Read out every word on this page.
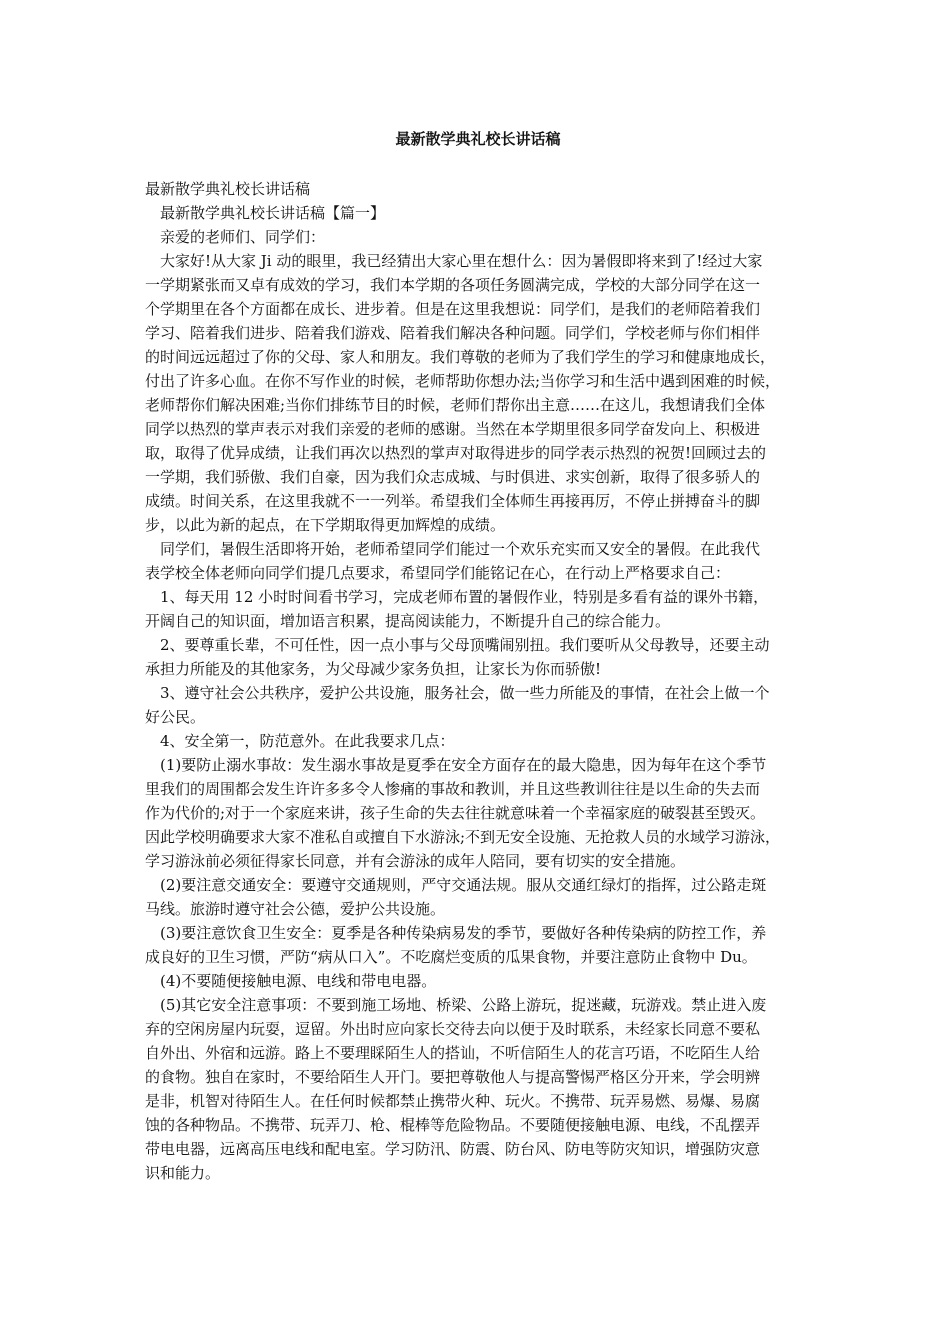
最新散学典礼校长讲话稿
最新散学典礼校长讲话稿
最新散学典礼校长讲话稿【篇一】
亲爱的老师们、同学们：
大家好!从大家 Ji 动的眼里，我已经猜出大家心里在想什么：因为暑假即将来到了!经过大家
一学期紧张而又卓有成效的学习，我们本学期的各项任务圆满完成，学校的大部分同学在这一
个学期里在各个方面都在成长、进步着。但是在这里我想说：同学们，是我们的老师陪着我们
学习、陪着我们进步、陪着我们游戏、陪着我们解决各种问题。同学们，学校老师与你们相伴
的时间远远超过了你的父母、家人和朋友。我们尊敬的老师为了我们学生的学习和健康地成长，
付出了许多心血。在你不写作业的时候，老师帮助你想办法;当你学习和生活中遇到困难的时候，
老师帮你们解决困难;当你们排练节目的时候，老师们帮你出主意……在这儿，我想请我们全体
同学以热烈的掌声表示对我们亲爱的老师的感谢。当然在本学期里很多同学奋发向上、积极进
取，取得了优异成绩，让我们再次以热烈的掌声对取得进步的同学表示热烈的祝贺!回顾过去的
一学期，我们骄傲、我们自豪，因为我们众志成城、与时俱进、求实创新，取得了很多骄人的
成绩。时间关系，在这里我就不一一列举。希望我们全体师生再接再厉，不停止拼搏奋斗的脚
步，以此为新的起点，在下学期取得更加辉煌的成绩。
同学们，暑假生活即将开始，老师希望同学们能过一个欢乐充实而又安全的暑假。在此我代
表学校全体老师向同学们提几点要求，希望同学们能铭记在心，在行动上严格要求自己：
1、每天用 12 小时时间看书学习，完成老师布置的暑假作业，特别是多看有益的课外书籍，
开阔自己的知识面，增加语言积累，提高阅读能力，不断提升自己的综合能力。
2、要尊重长辈，不可任性，因一点小事与父母顶嘴闹别扭。我们要听从父母教导，还要主动
承担力所能及的其他家务，为父母减少家务负担，让家长为你而骄傲!
3、遵守社会公共秩序，爱护公共设施，服务社会，做一些力所能及的事情，在社会上做一个
好公民。
4、安全第一，防范意外。在此我要求几点：
(1)要防止溺水事故：发生溺水事故是夏季在安全方面存在的最大隐患，因为每年在这个季节
里我们的周围都会发生许许多多令人惨痛的事故和教训，并且这些教训往往是以生命的失去而
作为代价的;对于一个家庭来讲，孩子生命的失去往往就意味着一个幸福家庭的破裂甚至毁灭。
因此学校明确要求大家不准私自或擅自下水游泳;不到无安全设施、无抢救人员的水域学习游泳，
学习游泳前必须征得家长同意，并有会游泳的成年人陪同，要有切实的安全措施。
(2)要注意交通安全：要遵守交通规则，严守交通法规。服从交通红绿灯的指挥，过公路走斑
马线。旅游时遵守社会公德，爱护公共设施。
(3)要注意饮食卫生安全：夏季是各种传染病易发的季节，要做好各种传染病的防控工作，养
成良好的卫生习惯，严防“病从口入”。不吃腐烂变质的瓜果食物，并要注意防止食物中 Du。
(4)不要随便接触电源、电线和带电电器。
(5)其它安全注意事项：不要到施工场地、桥梁、公路上游玩，捉迷藏，玩游戏。禁止进入废
弃的空闲房屋内玩耍，逗留。外出时应向家长交待去向以便于及时联系，未经家长同意不要私
自外出、外宿和远游。路上不要理睬陌生人的搭讪，不听信陌生人的花言巧语，不吃陌生人给
的食物。独自在家时，不要给陌生人开门。要把尊敬他人与提高警惕严格区分开来，学会明辨
是非，机智对待陌生人。在任何时候都禁止携带火种、玩火。不携带、玩弄易燃、易爆、易腐
蚀的各种物品。不携带、玩弄刀、枪、棍棒等危险物品。不要随便接触电源、电线，不乱摆弄
带电电器，远离高压电线和配电室。学习防汛、防震、防台风、防电等防灾知识，增强防灾意
识和能力。
